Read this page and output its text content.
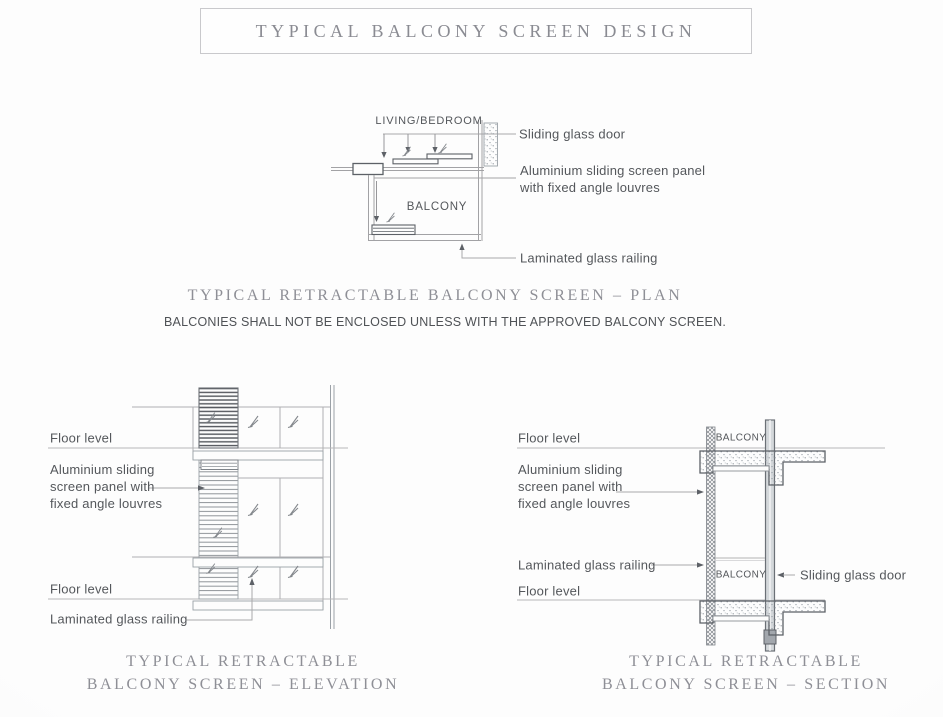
TYPICAL BALCONY SCREEN DESIGN
LIVING/BEDROOM
BALCONY
Sliding glass door
Aluminium sliding screen panel
with fixed angle louvres
Laminated glass railing
TYPICAL RETRACTABLE BALCONY SCREEN – PLAN
BALCONIES SHALL NOT BE ENCLOSED UNLESS WITH THE APPROVED BALCONY SCREEN.
Floor level
Aluminium sliding
screen panel with
fixed angle louvres
Floor level
Laminated glass railing
TYPICAL RETRACTABLE
BALCONY SCREEN – ELEVATION
Floor level
Aluminium sliding
screen panel with
fixed angle louvres
Laminated glass railing
Floor level
BALCONY
BALCONY	Sliding glass door
TYPICAL RETRACTABLE
BALCONY SCREEN – SECTION
